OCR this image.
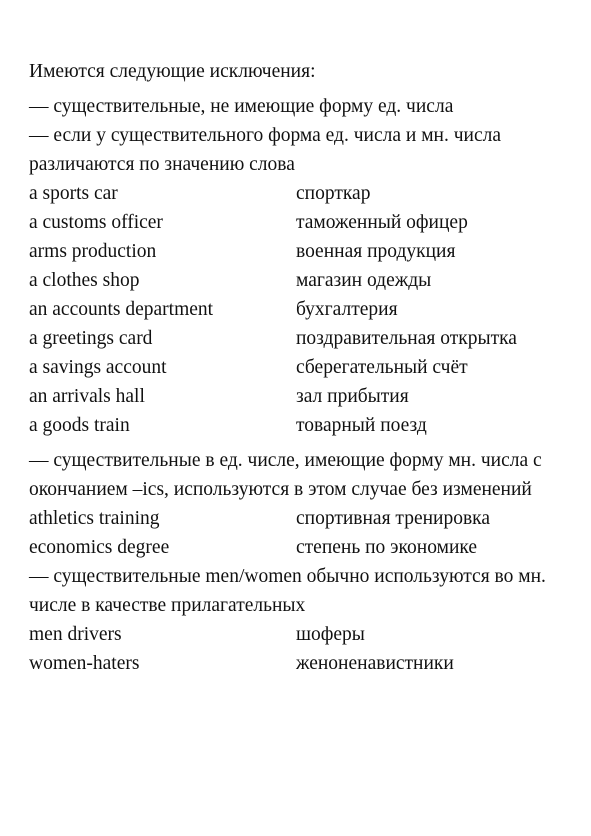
Имеются следующие исключения:

— существительные, не имеющие форму ед. числа

— если у существительного форма ед. числа и мн. числа различаются по значению слова

a sports car	спорткар
a customs officer	таможенный офицер
arms production	военная продукция
a clothes shop	магазин одежды
an accounts department	бухгалтерия
a greetings card	поздравительная открытка
a savings account	сберегательный счёт
an arrivals hall	зал прибытия
a goods train	товарный поезд

— существительные в ед. числе, имеющие форму мн. числа с окончанием –ics, используются в этом случае без изменений

athletics training	спортивная тренировка
economics degree	степень по экономике

— существительные men/women обычно используются во мн. числе в качестве прилагательных

men drivers	шоферы
women-haters	женоненавистники
